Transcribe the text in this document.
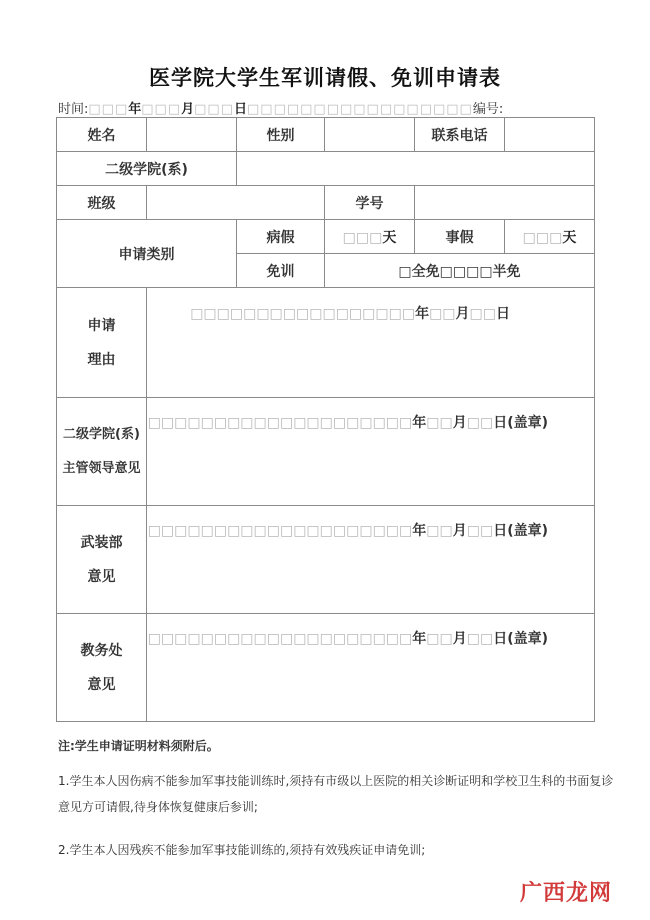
医学院大学生军训请假、免训申请表
时间:□□□年□□□月□□□日□□□□□□□□□□□□□□□□□编号:
姓名		性别		联系电话	
二级学院(系)					
班级			学号		
申请类别		病假	□□□天	事假	□□□天
		免训	□全免□□□□半免		

申请
理由	□□□□□□□□□□□□□□□□□年□□月□□日				

二级学院(系)
主管领导意见	□□□□□□□□□□□□□□□□□□□□年□□月□□日(盖章)				

武装部
意见	□□□□□□□□□□□□□□□□□□□□年□□月□□日(盖章)				

教务处
意见	□□□□□□□□□□□□□□□□□□□□年□□月□□日(盖章)				
注:学生申请证明材料须附后。

1.学生本人因伤病不能参加军事技能训练时,须持有市级以上医院的相关诊断证明和学校卫生科的书面复诊意见方可请假,待身体恢复健康后参训;

2.学生本人因残疾不能参加军事技能训练的,须持有效残疾证申请免训;

广西龙网
